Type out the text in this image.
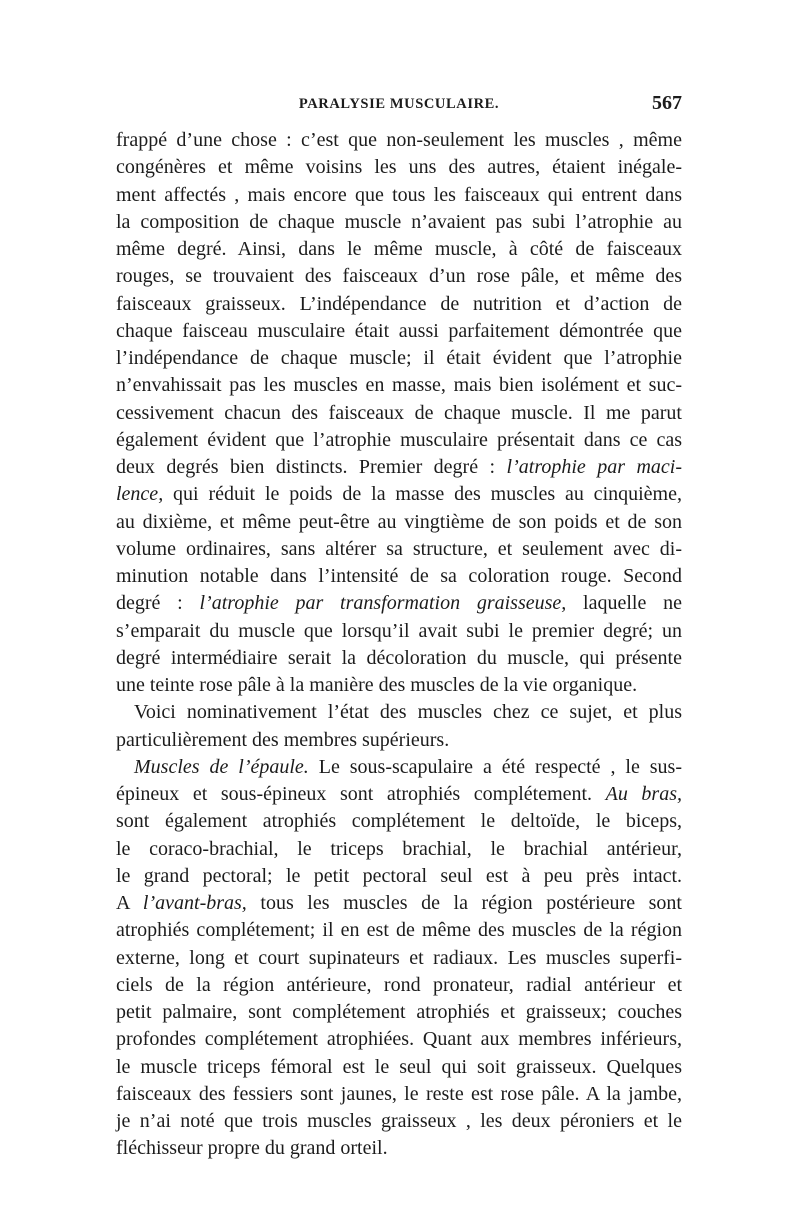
PARALYSIE MUSCULAIRE.	567
frappé d’une chose : c’est que non-seulement les muscles , même
congénères et même voisins les uns des autres, étaient inégale-
ment affectés , mais encore que tous les faisceaux qui entrent dans
la composition de chaque muscle n’avaient pas subi l’atrophie au
même degré. Ainsi, dans le même muscle, à côté de faisceaux
rouges, se trouvaient des faisceaux d’un rose pâle, et même des
faisceaux graisseux. L’indépendance de nutrition et d’action de
chaque faisceau musculaire était aussi parfaitement démontrée que
l’indépendance de chaque muscle; il était évident que l’atrophie
n’envahissait pas les muscles en masse, mais bien isolément et suc-
cessivement chacun des faisceaux de chaque muscle. Il me parut
également évident que l’atrophie musculaire présentait dans ce cas
deux degrés bien distincts. Premier degré : l’atrophie par maci-
lence, qui réduit le poids de la masse des muscles au cinquième,
au dixième, et même peut-être au vingtième de son poids et de son
volume ordinaires, sans altérer sa structure, et seulement avec di-
minution notable dans l’intensité de sa coloration rouge. Second
degré : l’atrophie par transformation graisseuse, laquelle ne
s’emparait du muscle que lorsqu’il avait subi le premier degré; un
degré intermédiaire serait la décoloration du muscle, qui présente
une teinte rose pâle à la manière des muscles de la vie organique.
Voici nominativement l’état des muscles chez ce sujet, et plus
particulièrement des membres supérieurs.
Muscles de l’épaule. Le sous-scapulaire a été respecté , le sus-
épineux et sous-épineux sont atrophiés complétement. Au bras,
sont également atrophiés complétement le deltoïde, le biceps,
le coraco-brachial, le triceps brachial, le brachial antérieur,
le grand pectoral; le petit pectoral seul est à peu près intact.
A l’avant-bras, tous les muscles de la région postérieure sont
atrophiés complétement; il en est de même des muscles de la région
externe, long et court supinateurs et radiaux. Les muscles superfi-
ciels de la région antérieure, rond pronateur, radial antérieur et
petit palmaire, sont complétement atrophiés et graisseux; couches
profondes complétement atrophiées. Quant aux membres inférieurs,
le muscle triceps fémoral est le seul qui soit graisseux. Quelques
faisceaux des fessiers sont jaunes, le reste est rose pâle. A la jambe,
je n’ai noté que trois muscles graisseux , les deux péroniers et le
fléchisseur propre du grand orteil.
